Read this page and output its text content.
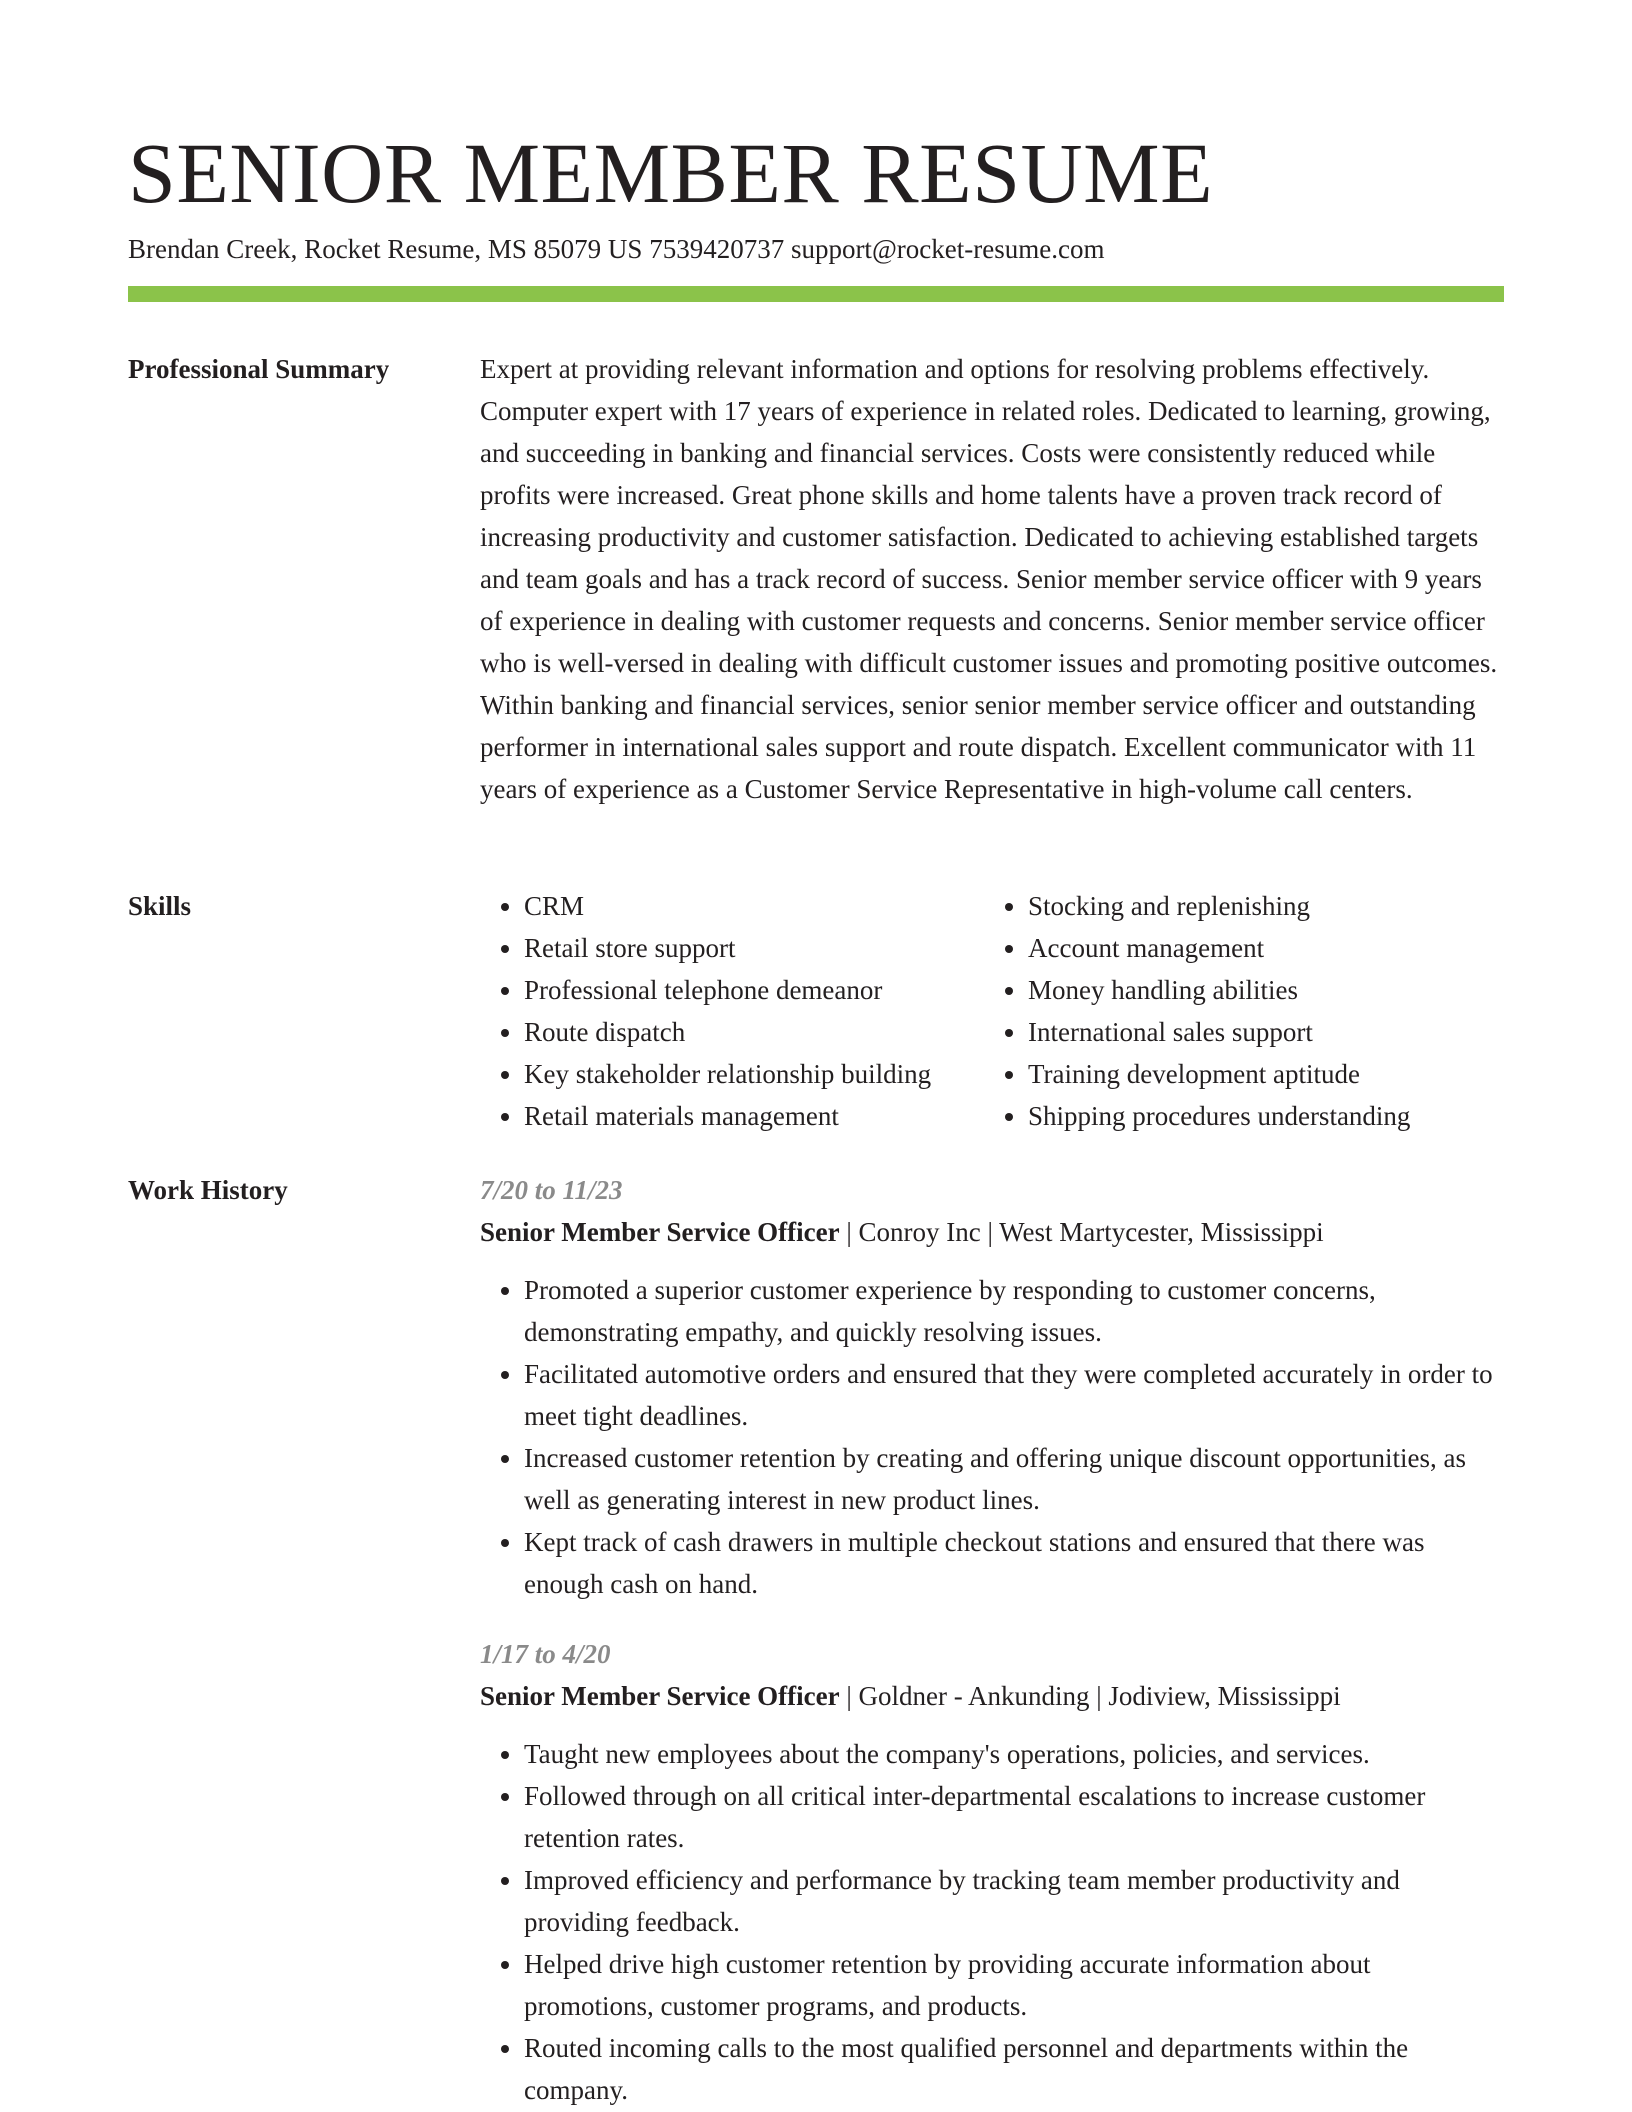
SENIOR MEMBER RESUME
Brendan Creek, Rocket Resume, MS 85079 US 7539420737 support@rocket-resume.com
Professional Summary	Expert at providing relevant information and options for resolving problems effectively. Computer expert with 17 years of experience in related roles. Dedicated to learning, growing, and succeeding in banking and financial services. Costs were consistently reduced while profits were increased. Great phone skills and home talents have a proven track record of increasing productivity and customer satisfaction. Dedicated to achieving established targets and team goals and has a track record of success. Senior member service officer with 9 years of experience in dealing with customer requests and concerns. Senior member service officer who is well-versed in dealing with difficult customer issues and promoting positive outcomes. Within banking and financial services, senior senior member service officer and outstanding performer in international sales support and route dispatch. Excellent communicator with 11 years of experience as a Customer Service Representative in high-volume call centers.

Skills	• CRM
• Retail store support
• Professional telephone demeanor
• Route dispatch
• Key stakeholder relationship building
• Retail materials management
• Stocking and replenishing
• Account management
• Money handling abilities
• International sales support
• Training development aptitude
• Shipping procedures understanding
Work History	7/20 to 11/23
Senior Member Service Officer | Conroy Inc | West Martycester, Mississippi
• Promoted a superior customer experience by responding to customer concerns, demonstrating empathy, and quickly resolving issues.
• Facilitated automotive orders and ensured that they were completed accurately in order to meet tight deadlines.
• Increased customer retention by creating and offering unique discount opportunities, as well as generating interest in new product lines.
• Kept track of cash drawers in multiple checkout stations and ensured that there was enough cash on hand.
1/17 to 4/20
Senior Member Service Officer | Goldner - Ankunding | Jodiview, Mississippi
• Taught new employees about the company's operations, policies, and services.
• Followed through on all critical inter-departmental escalations to increase customer retention rates.
• Improved efficiency and performance by tracking team member productivity and providing feedback.
• Helped drive high customer retention by providing accurate information about promotions, customer programs, and products.
• Routed incoming calls to the most qualified personnel and departments within the company.
